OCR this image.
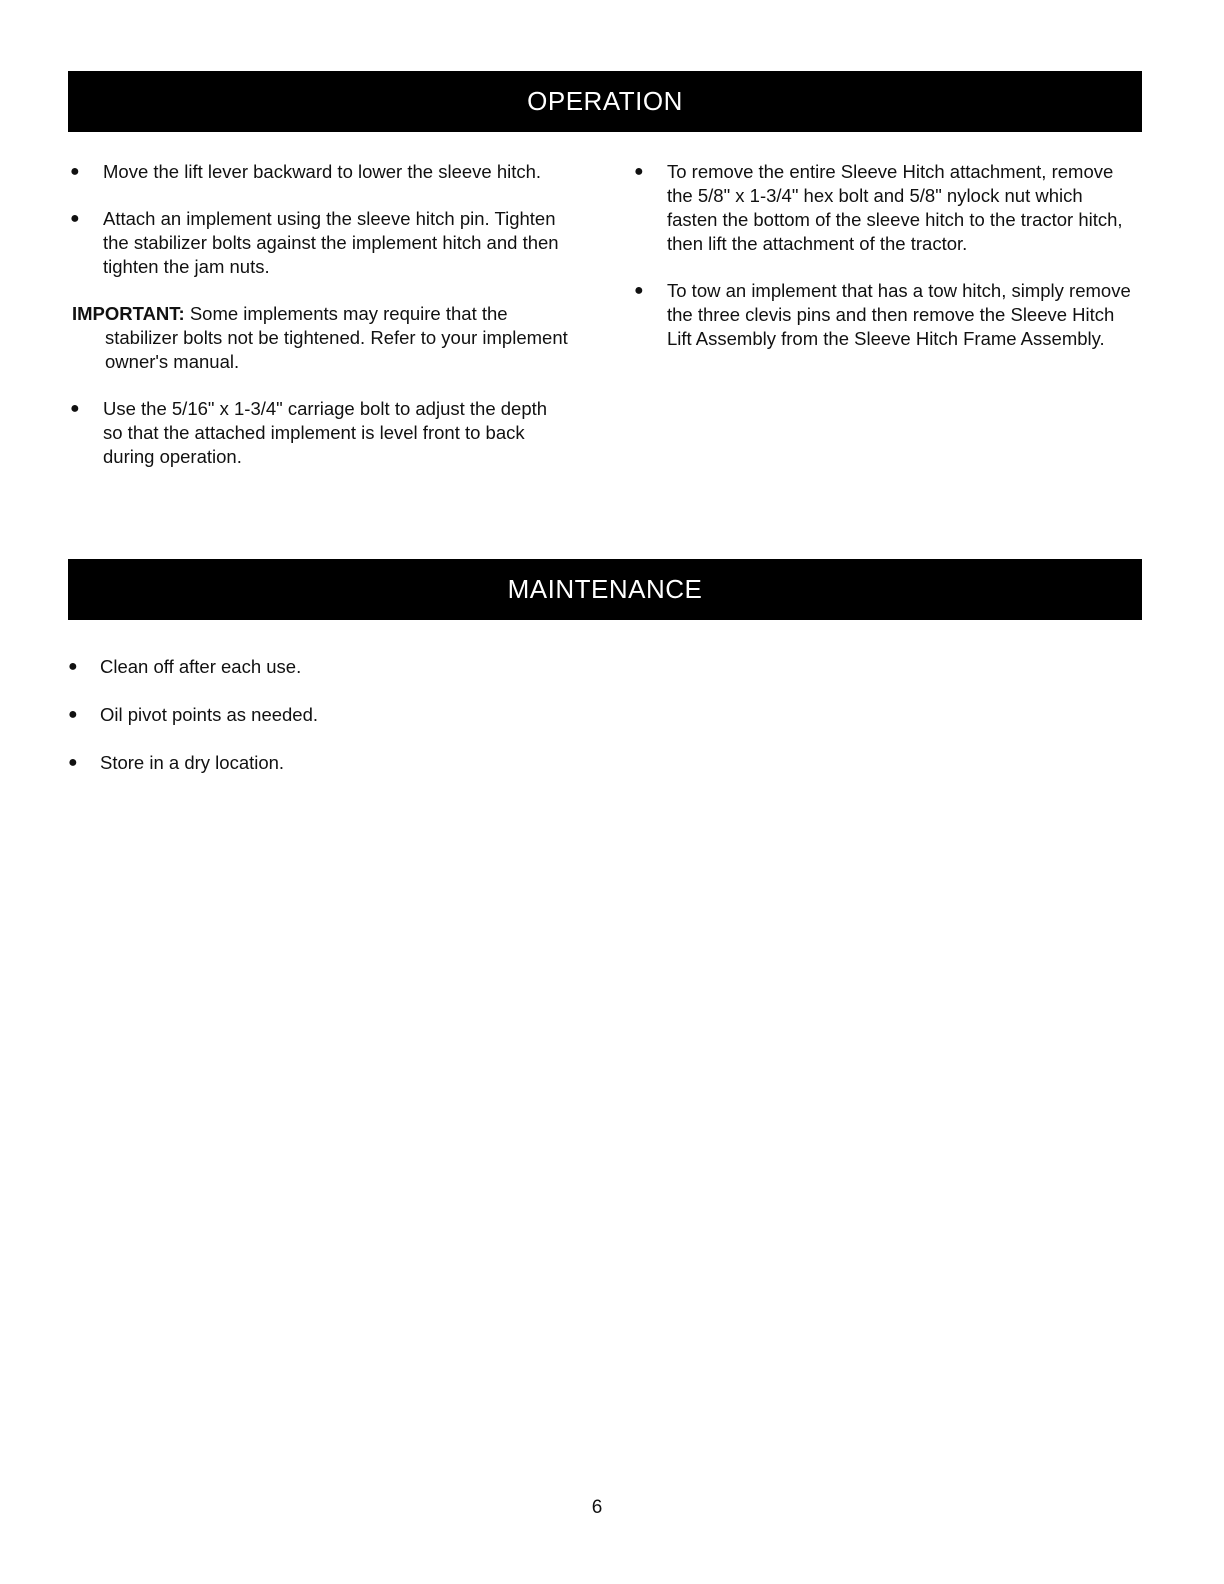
OPERATION
●	Move the lift lever backward to lower the sleeve hitch.
●	Attach an implement using the sleeve hitch pin. Tighten the stabilizer bolts against the implement hitch and then tighten the jam nuts.
IMPORTANT: Some implements may require that the stabilizer bolts not be tightened. Refer to your implement owner's manual.
●	Use the 5/16" x 1-3/4" carriage bolt to adjust the depth so that the attached implement is level front to back during operation.
●	To remove the entire Sleeve Hitch attachment, remove the 5/8" x 1-3/4" hex bolt and 5/8" nylock nut which fasten the bottom of the sleeve hitch to the tractor hitch, then lift the attachment of the tractor.
●	To tow an implement that has a tow hitch, simply remove the three clevis pins and then remove the Sleeve Hitch Lift Assembly from the Sleeve Hitch Frame Assembly.
MAINTENANCE
●	Clean off after each use.
●	Oil pivot points as needed.
●	Store in a dry location.
6
